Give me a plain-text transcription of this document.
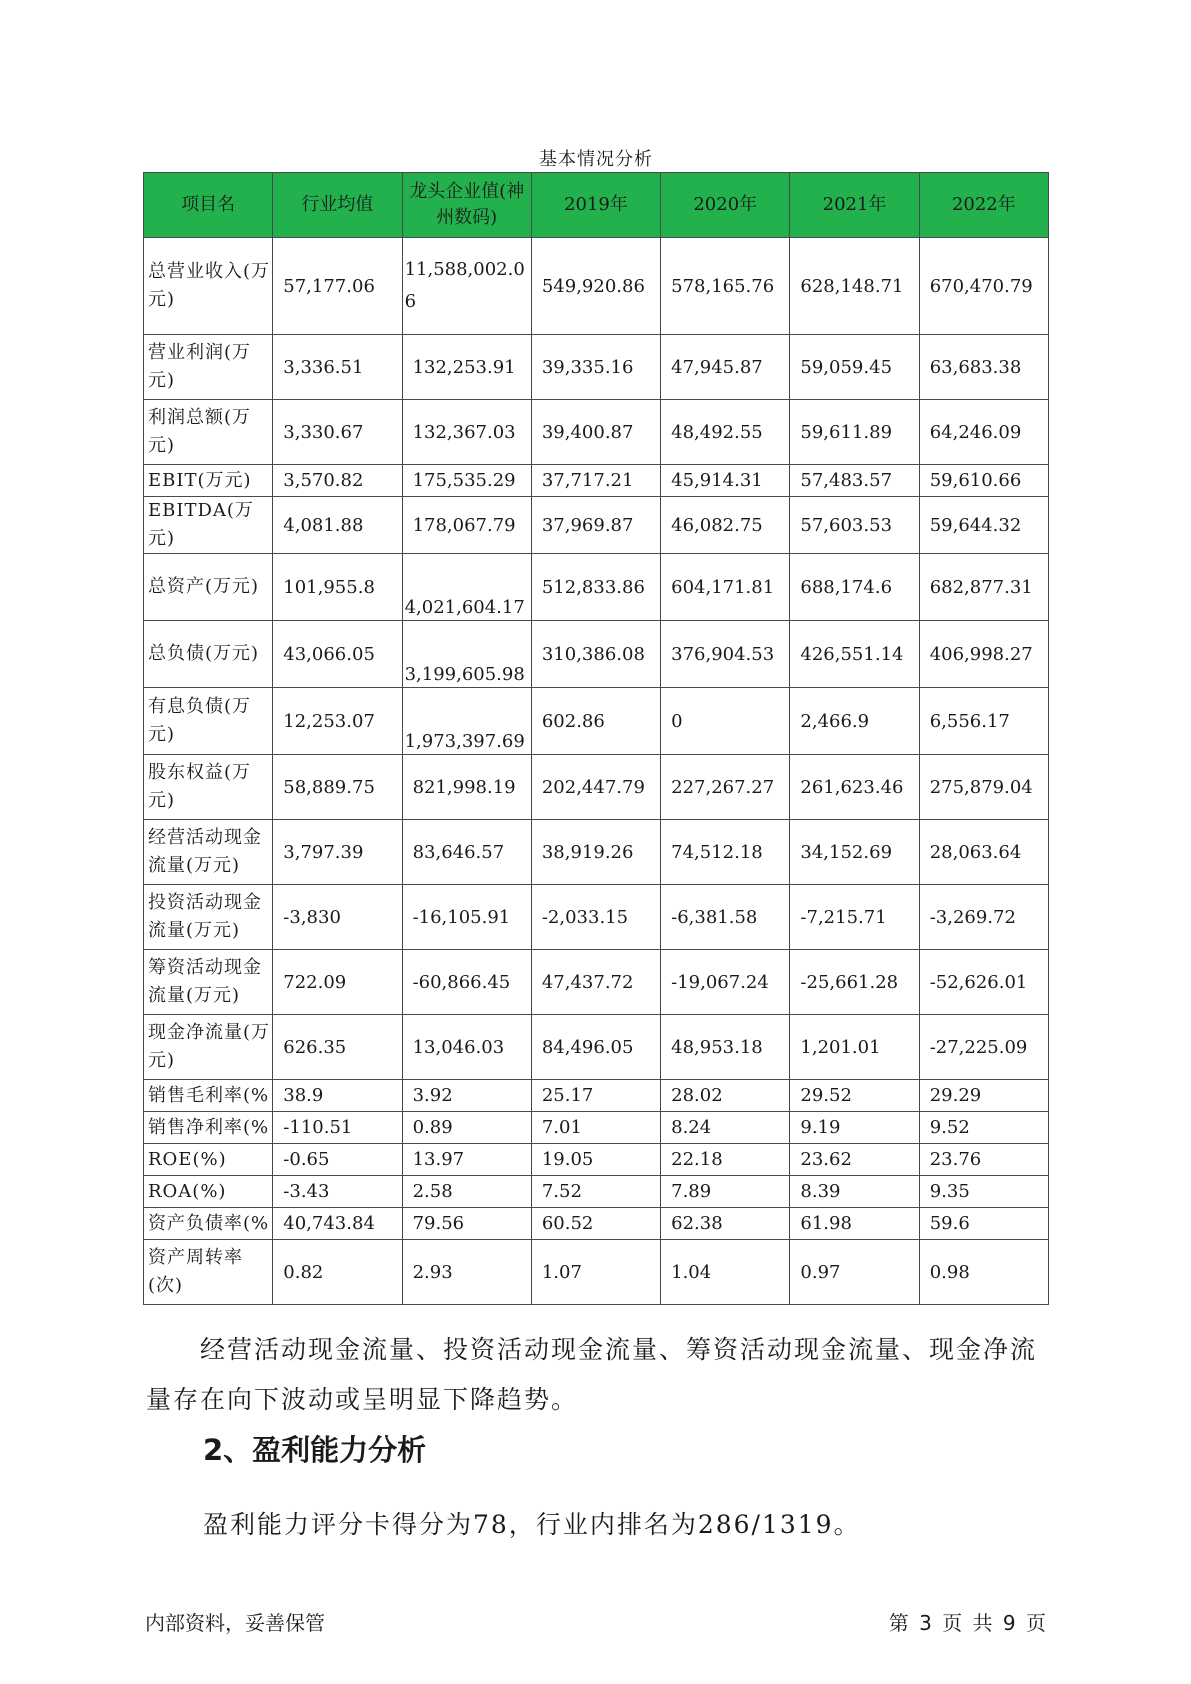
基本情况分析
项目名	行业均值	龙头企业值(神州数码)	2019年	2020年	2021年	2022年
总营业收入(万元)	57,177.06	11,588,002.06	549,920.86	578,165.76	628,148.71	670,470.79
营业利润(万元)	3,336.51	132,253.91	39,335.16	47,945.87	59,059.45	63,683.38
利润总额(万元)	3,330.67	132,367.03	39,400.87	48,492.55	59,611.89	64,246.09
EBIT(万元)	3,570.82	175,535.29	37,717.21	45,914.31	57,483.57	59,610.66
EBITDA(万元)	4,081.88	178,067.79	37,969.87	46,082.75	57,603.53	59,644.32
总资产(万元)	101,955.8	4,021,604.17	512,833.86	604,171.81	688,174.6	682,877.31
总负债(万元)	43,066.05	3,199,605.98	310,386.08	376,904.53	426,551.14	406,998.27
有息负债(万元)	12,253.07	1,973,397.69	602.86	0	2,466.9	6,556.17
股东权益(万元)	58,889.75	821,998.19	202,447.79	227,267.27	261,623.46	275,879.04
经营活动现金流量(万元)	3,797.39	83,646.57	38,919.26	74,512.18	34,152.69	28,063.64
投资活动现金流量(万元)	-3,830	-16,105.91	-2,033.15	-6,381.58	-7,215.71	-3,269.72
筹资活动现金流量(万元)	722.09	-60,866.45	47,437.72	-19,067.24	-25,661.28	-52,626.01
现金净流量(万元)	626.35	13,046.03	84,496.05	48,953.18	1,201.01	-27,225.09
销售毛利率(%	38.9	3.92	25.17	28.02	29.52	29.29
销售净利率(%	-110.51	0.89	7.01	8.24	9.19	9.52
ROE(%)	-0.65	13.97	19.05	22.18	23.62	23.76
ROA(%)	-3.43	2.58	7.52	7.89	8.39	9.35
资产负债率(%	40,743.84	79.56	60.52	62.38	61.98	59.6
资产周转率(次)	0.82	2.93	1.07	1.04	0.97	0.98
经营活动现金流量、投资活动现金流量、筹资活动现金流量、现金净流量存在向下波动或呈明显下降趋势。
2、盈利能力分析
盈利能力评分卡得分为78，行业内排名为286/1319。
内部资料，妥善保管	第 3 页 共 9 页
